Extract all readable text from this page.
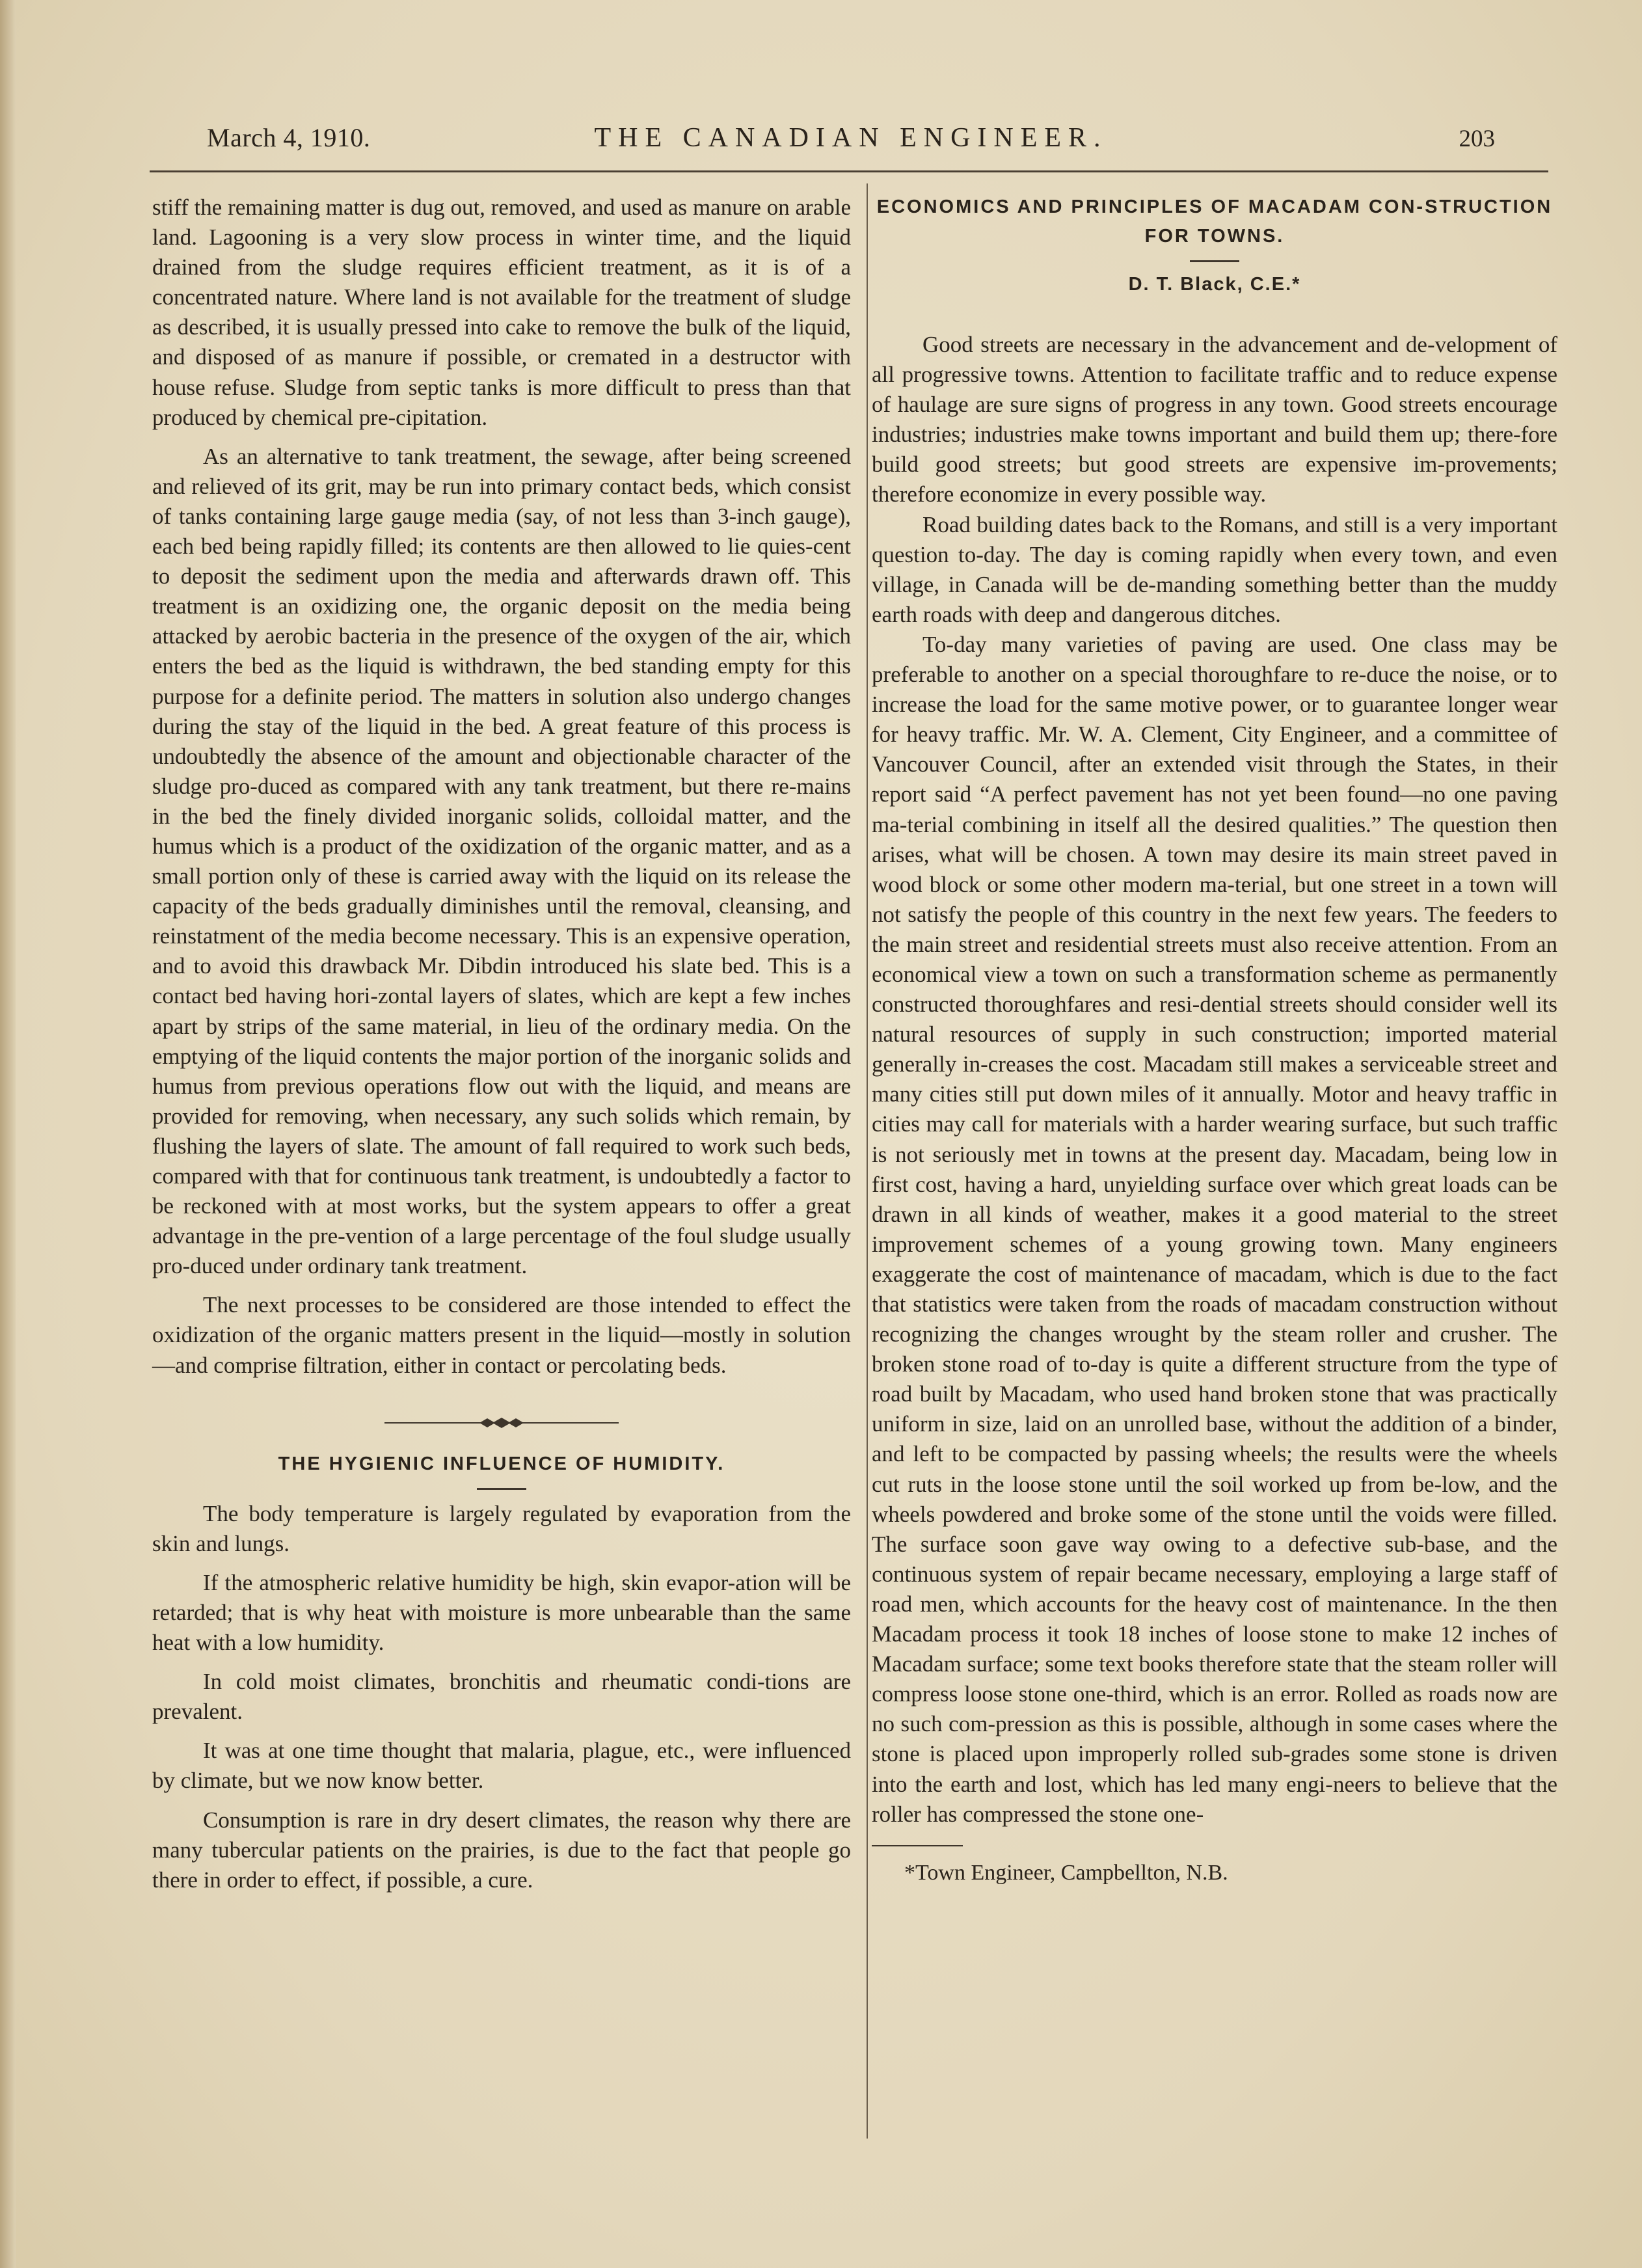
March 4, 1910.	THE CANADIAN ENGINEER.	203

stiff the remaining matter is dug out, removed, and used as manure on arable land. Lagooning is a very slow process in winter time, and the liquid drained from the sludge requires efficient treatment, as it is of a concentrated nature. Where land is not available for the treatment of sludge as described, it is usually pressed into cake to remove the bulk of the liquid, and disposed of as manure if possible, or cremated in a destructor with house refuse. Sludge from septic tanks is more difficult to press than that produced by chemical pre-cipitation.

As an alternative to tank treatment, the sewage, after being screened and relieved of its grit, may be run into primary contact beds, which consist of tanks containing large gauge media (say, of not less than 3-inch gauge), each bed being rapidly filled; its contents are then allowed to lie quies-cent to deposit the sediment upon the media and afterwards drawn off. This treatment is an oxidizing one, the organic deposit on the media being attacked by aerobic bacteria in the presence of the oxygen of the air, which enters the bed as the liquid is withdrawn, the bed standing empty for this purpose for a definite period. The matters in solution also undergo changes during the stay of the liquid in the bed. A great feature of this process is undoubtedly the absence of the amount and objectionable character of the sludge pro-duced as compared with any tank treatment, but there re-mains in the bed the finely divided inorganic solids, colloidal matter, and the humus which is a product of the oxidization of the organic matter, and as a small portion only of these is carried away with the liquid on its release the capacity of the beds gradually diminishes until the removal, cleansing, and reinstatment of the media become necessary. This is an expensive operation, and to avoid this drawback Mr. Dibdin introduced his slate bed. This is a contact bed having hori-zontal layers of slates, which are kept a few inches apart by strips of the same material, in lieu of the ordinary media. On the emptying of the liquid contents the major portion of the inorganic solids and humus from previous operations flow out with the liquid, and means are provided for removing, when necessary, any such solids which remain, by flushing the layers of slate. The amount of fall required to work such beds, compared with that for continuous tank treatment, is undoubtedly a factor to be reckoned with at most works, but the system appears to offer a great advantage in the pre-vention of a large percentage of the foul sludge usually pro-duced under ordinary tank treatment.

The next processes to be considered are those intended to effect the oxidization of the organic matters present in the liquid—mostly in solution—and comprise filtration, either in contact or percolating beds.

THE HYGIENIC INFLUENCE OF HUMIDITY.

The body temperature is largely regulated by evaporation from the skin and lungs.

If the atmospheric relative humidity be high, skin evapor-ation will be retarded; that is why heat with moisture is more unbearable than the same heat with a low humidity.

In cold moist climates, bronchitis and rheumatic condi-tions are prevalent.

It was at one time thought that malaria, plague, etc., were influenced by climate, but we now know better.

Consumption is rare in dry desert climates, the reason why there are many tubercular patients on the prairies, is due to the fact that people go there in order to effect, if possible, a cure.

ECONOMICS AND PRINCIPLES OF MACADAM CON-STRUCTION FOR TOWNS.

D. T. Black, C.E.*

Good streets are necessary in the advancement and de-velopment of all progressive towns. Attention to facilitate traffic and to reduce expense of haulage are sure signs of progress in any town. Good streets encourage industries; industries make towns important and build them up; there-fore build good streets; but good streets are expensive im-provements; therefore economize in every possible way.

Road building dates back to the Romans, and still is a very important question to-day. The day is coming rapidly when every town, and even village, in Canada will be de-manding something better than the muddy earth roads with deep and dangerous ditches.

To-day many varieties of paving are used. One class may be preferable to another on a special thoroughfare to re-duce the noise, or to increase the load for the same motive power, or to guarantee longer wear for heavy traffic. Mr. W. A. Clement, City Engineer, and a committee of Vancouver Council, after an extended visit through the States, in their report said “A perfect pavement has not yet been found—no one paving ma-terial combining in itself all the desired qualities.” The question then arises, what will be chosen. A town may desire its main street paved in wood block or some other modern ma-terial, but one street in a town will not satisfy the people of this country in the next few years. The feeders to the main street and residential streets must also receive attention. From an economical view a town on such a transformation scheme as permanently constructed thoroughfares and resi-dential streets should consider well its natural resources of supply in such construction; imported material generally in-creases the cost. Macadam still makes a serviceable street and many cities still put down miles of it annually. Motor and heavy traffic in cities may call for materials with a harder wearing surface, but such traffic is not seriously met in towns at the present day. Macadam, being low in first cost, having a hard, unyielding surface over which great loads can be drawn in all kinds of weather, makes it a good material to the street improvement schemes of a young growing town. Many engineers exaggerate the cost of maintenance of macadam, which is due to the fact that statistics were taken from the roads of macadam construction without recognizing the changes wrought by the steam roller and crusher. The broken stone road of to-day is quite a different structure from the type of road built by Macadam, who used hand broken stone that was practically uniform in size, laid on an unrolled base, without the addition of a binder, and left to be compacted by passing wheels; the results were the wheels cut ruts in the loose stone until the soil worked up from be-low, and the wheels powdered and broke some of the stone until the voids were filled. The surface soon gave way owing to a defective sub-base, and the continuous system of repair became necessary, employing a large staff of road men, which accounts for the heavy cost of maintenance. In the then Macadam process it took 18 inches of loose stone to make 12 inches of Macadam surface; some text books therefore state that the steam roller will compress loose stone one-third, which is an error. Rolled as roads now are no such com-pression as this is possible, although in some cases where the stone is placed upon improperly rolled sub-grades some stone is driven into the earth and lost, which has led many engi-neers to believe that the roller has compressed the stone one-

*Town Engineer, Campbellton, N.B.
